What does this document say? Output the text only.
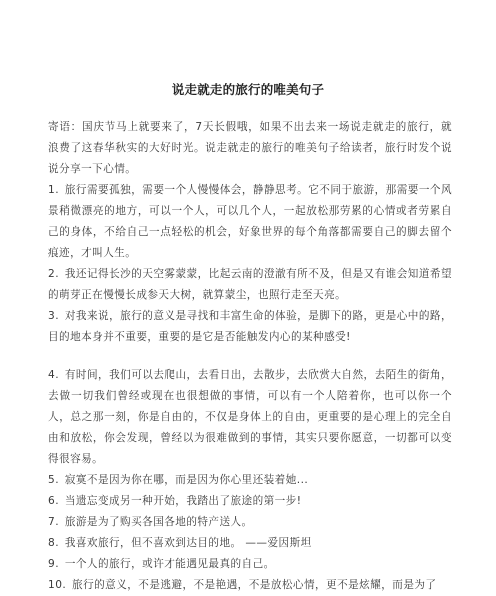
说走就走的旅行的唯美句子

寄语：国庆节马上就要来了，7天长假哦，如果不出去来一场说走就走的旅行，就浪费了这春华秋实的大好时光。说走就走的旅行的唯美句子给读者，旅行时发个说说分享一下心情。

1. 旅行需要孤独，需要一个人慢慢体会，静静思考。它不同于旅游，那需要一个风景稍微漂亮的地方，可以一个人，可以几个人，一起放松那劳累的心情或者劳累自己的身体，不给自己一点轻松的机会，好象世界的每个角落都需要自己的脚去留个痕迹，才叫人生。

2. 我还记得长沙的天空雾蒙蒙，比起云南的澄澈有所不及，但是又有谁会知道希望的萌芽正在慢慢长成参天大树，就算蒙尘，也照行走至天亮。

3. 对我来说，旅行的意义是寻找和丰富生命的体验，是脚下的路，更是心中的路，目的地本身并不重要，重要的是它是否能触发内心的某种感受!

4. 有时间，我们可以去爬山，去看日出，去散步，去欣赏大自然，去陌生的街角，去做一切我们曾经或现在也很想做的事情，可以有一个人陪着你，也可以你一个人，总之那一刻，你是自由的，不仅是身体上的自由，更重要的是心理上的完全自由和放松，你会发现，曾经以为很难做到的事情，其实只要你愿意，一切都可以变得很容易。

5. 寂寞不是因为你在哪，而是因为你心里还装着她...

6. 当遗忘变成另一种开始，我踏出了旅途的第一步!

7. 旅游是为了购买各国各地的特产送人。

8. 我喜欢旅行，但不喜欢到达目的地。 ——爱因斯坦

9. 一个人的旅行，或许才能遇见最真的自己。

10. 旅行的意义，不是逃避，不是艳遇，不是放松心情，更不是炫耀，而是为了
